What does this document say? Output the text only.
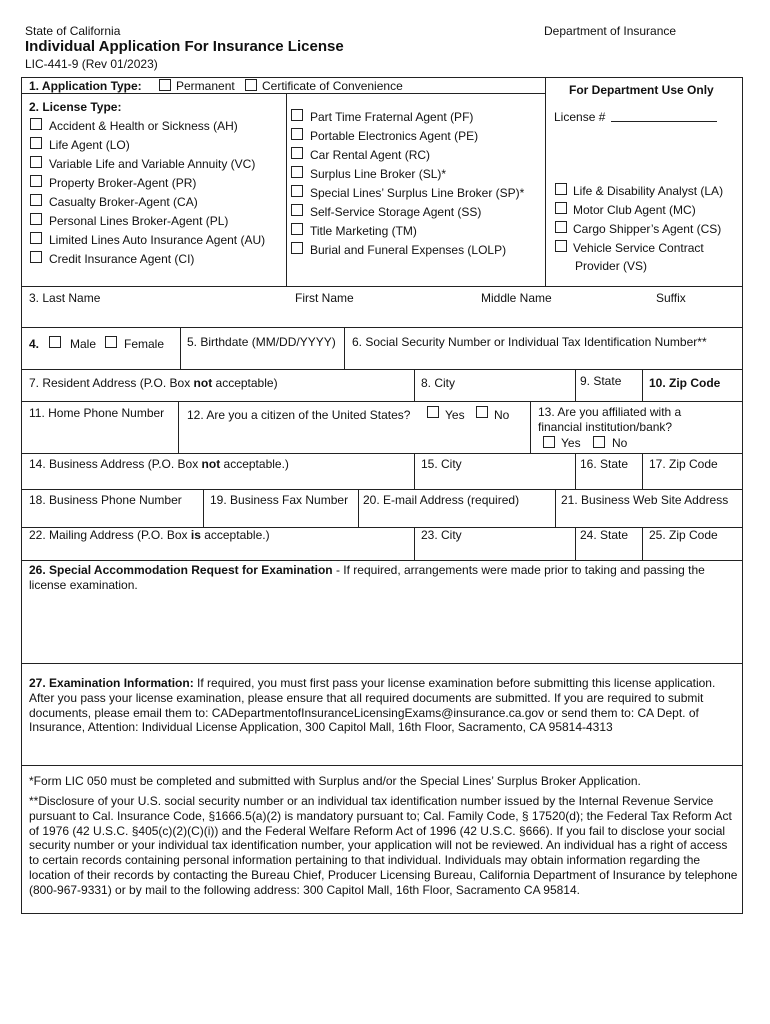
State of California	Department of Insurance
Individual Application For Insurance License
LIC-441-9 (Rev 01/2023)
1. Application Type:	Permanent Certificate of Convenience	For Department Use Only
License #
2. License Type:
Accident & Health or Sickness (AH)
Life Agent (LO)
Variable Life and Variable Annuity (VC)
Property Broker-Agent (PR)
Casualty Broker-Agent (CA)
Personal Lines Broker-Agent (PL)
Limited Lines Auto Insurance Agent (AU)
Credit Insurance Agent (CI)
Part Time Fraternal Agent (PF)
Portable Electronics Agent (PE)
Car Rental Agent (RC)
Surplus Line Broker (SL)*
Special Lines’ Surplus Line Broker (SP)*
Self-Service Storage Agent (SS)
Title Marketing (TM)
Burial and Funeral Expenses (LOLP)
Life & Disability Analyst (LA)
Motor Club Agent (MC)
Cargo Shipper’s Agent (CS)
Vehicle Service Contract
Provider (VS)
3. Last Name	First Name	Middle Name	Suffix
4.	Male Female 5. Birthdate (MM/DD/YYYY) 6. Social Security Number or Individual Tax Identification Number**
7. Resident Address (P.O. Box not acceptable)	8. City	9. State 10. Zip Code
11. Home Phone Number 12. Are you a citizen of the United States?	Yes No 13. Are you affiliated with a
financial institution/bank?
Yes	No
14. Business Address (P.O. Box not acceptable.)	15. City	16. State 17. Zip Code
18. Business Phone Number 19. Business Fax Number 20. E-mail Address (required)	21. Business Web Site Address
22. Mailing Address (P.O. Box is acceptable.)	23. City	24. State 25. Zip Code
26. Special Accommodation Request for Examination - If required, arrangements were made prior to taking and passing the license examination.
27. Examination Information: If required, you must first pass your license examination before submitting this license application. After you pass your license examination, please ensure that all required documents are submitted. If you are required to submit documents, please email them to: CADepartmentofInsuranceLicensingExams@insurance.ca.gov or send them to: CA Dept. of Insurance, Attention: Individual License Application, 300 Capitol Mall, 16th Floor, Sacramento, CA 95814-4313
*Form LIC 050 must be completed and submitted with Surplus and/or the Special Lines’ Surplus Broker Application.
**Disclosure of your U.S. social security number or an individual tax identification number issued by the Internal Revenue Service pursuant to Cal. Insurance Code, §1666.5(a)(2) is mandatory pursuant to; Cal. Family Code, § 17520(d); the Federal Tax Reform Act of 1976 (42 U.S.C. §405(c)(2)(C)(i)) and the Federal Welfare Reform Act of 1996 (42 U.S.C. §666). If you fail to disclose your social security number or your individual tax identification number, your application will not be reviewed. An individual has a right of access to certain records containing personal information pertaining to that individual. Individuals may obtain information regarding the location of their records by contacting the Bureau Chief, Producer Licensing Bureau, California Department of Insurance by telephone (800-967-9331) or by mail to the following address: 300 Capitol Mall, 16th Floor, Sacramento CA 95814.
